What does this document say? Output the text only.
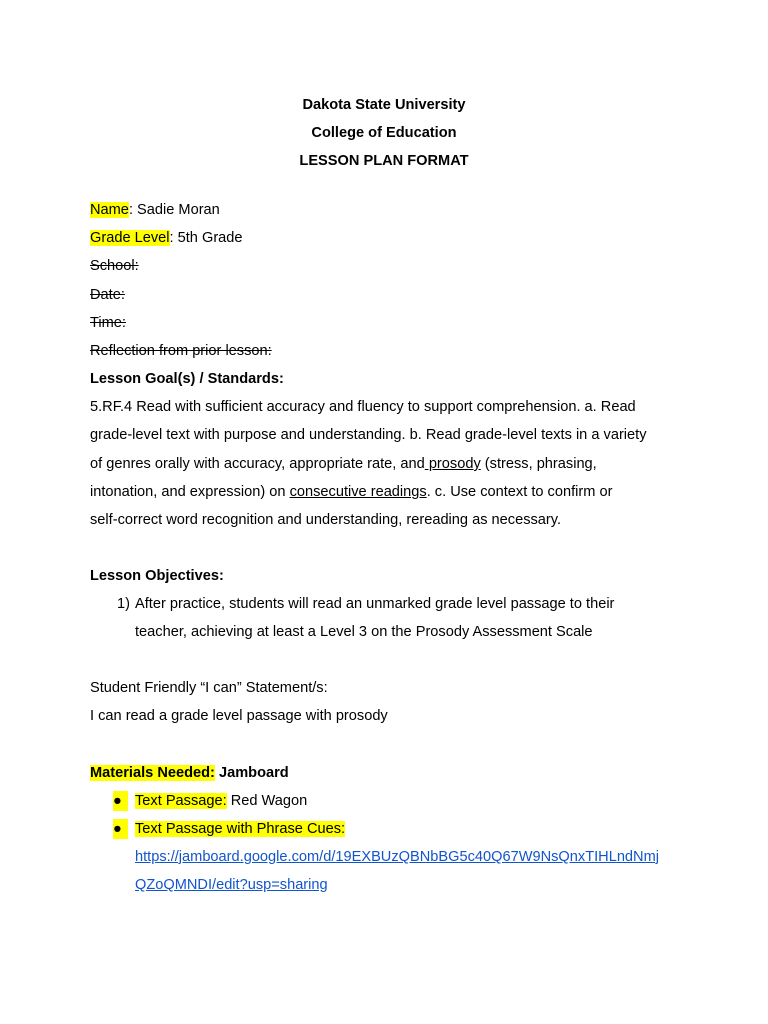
Dakota State University
College of Education
LESSON PLAN FORMAT
Name: Sadie Moran
Grade Level: 5th Grade
School:
Date:
Time:
Reflection from prior lesson:
Lesson Goal(s) / Standards:
5.RF.4 Read with sufficient accuracy and fluency to support comprehension. a. Read
grade-level text with purpose and understanding. b. Read grade-level texts in a variety
of genres orally with accuracy, appropriate rate, and prosody (stress, phrasing,
intonation, and expression) on consecutive readings. c. Use context to confirm or
self-correct word recognition and understanding, rereading as necessary.
Lesson Objectives:
1) After practice, students will read an unmarked grade level passage to their
teacher, achieving at least a Level 3 on the Prosody Assessment Scale
Student Friendly “I can” Statement/s:
I can read a grade level passage with prosody
Materials Needed: Jamboard
● Text Passage: Red Wagon
● Text Passage with Phrase Cues:
https://jamboard.google.com/d/19EXBUzQBNbBG5c40Q67W9NsQnxTIHLndNmj
QZoQMNDI/edit?usp=sharing
